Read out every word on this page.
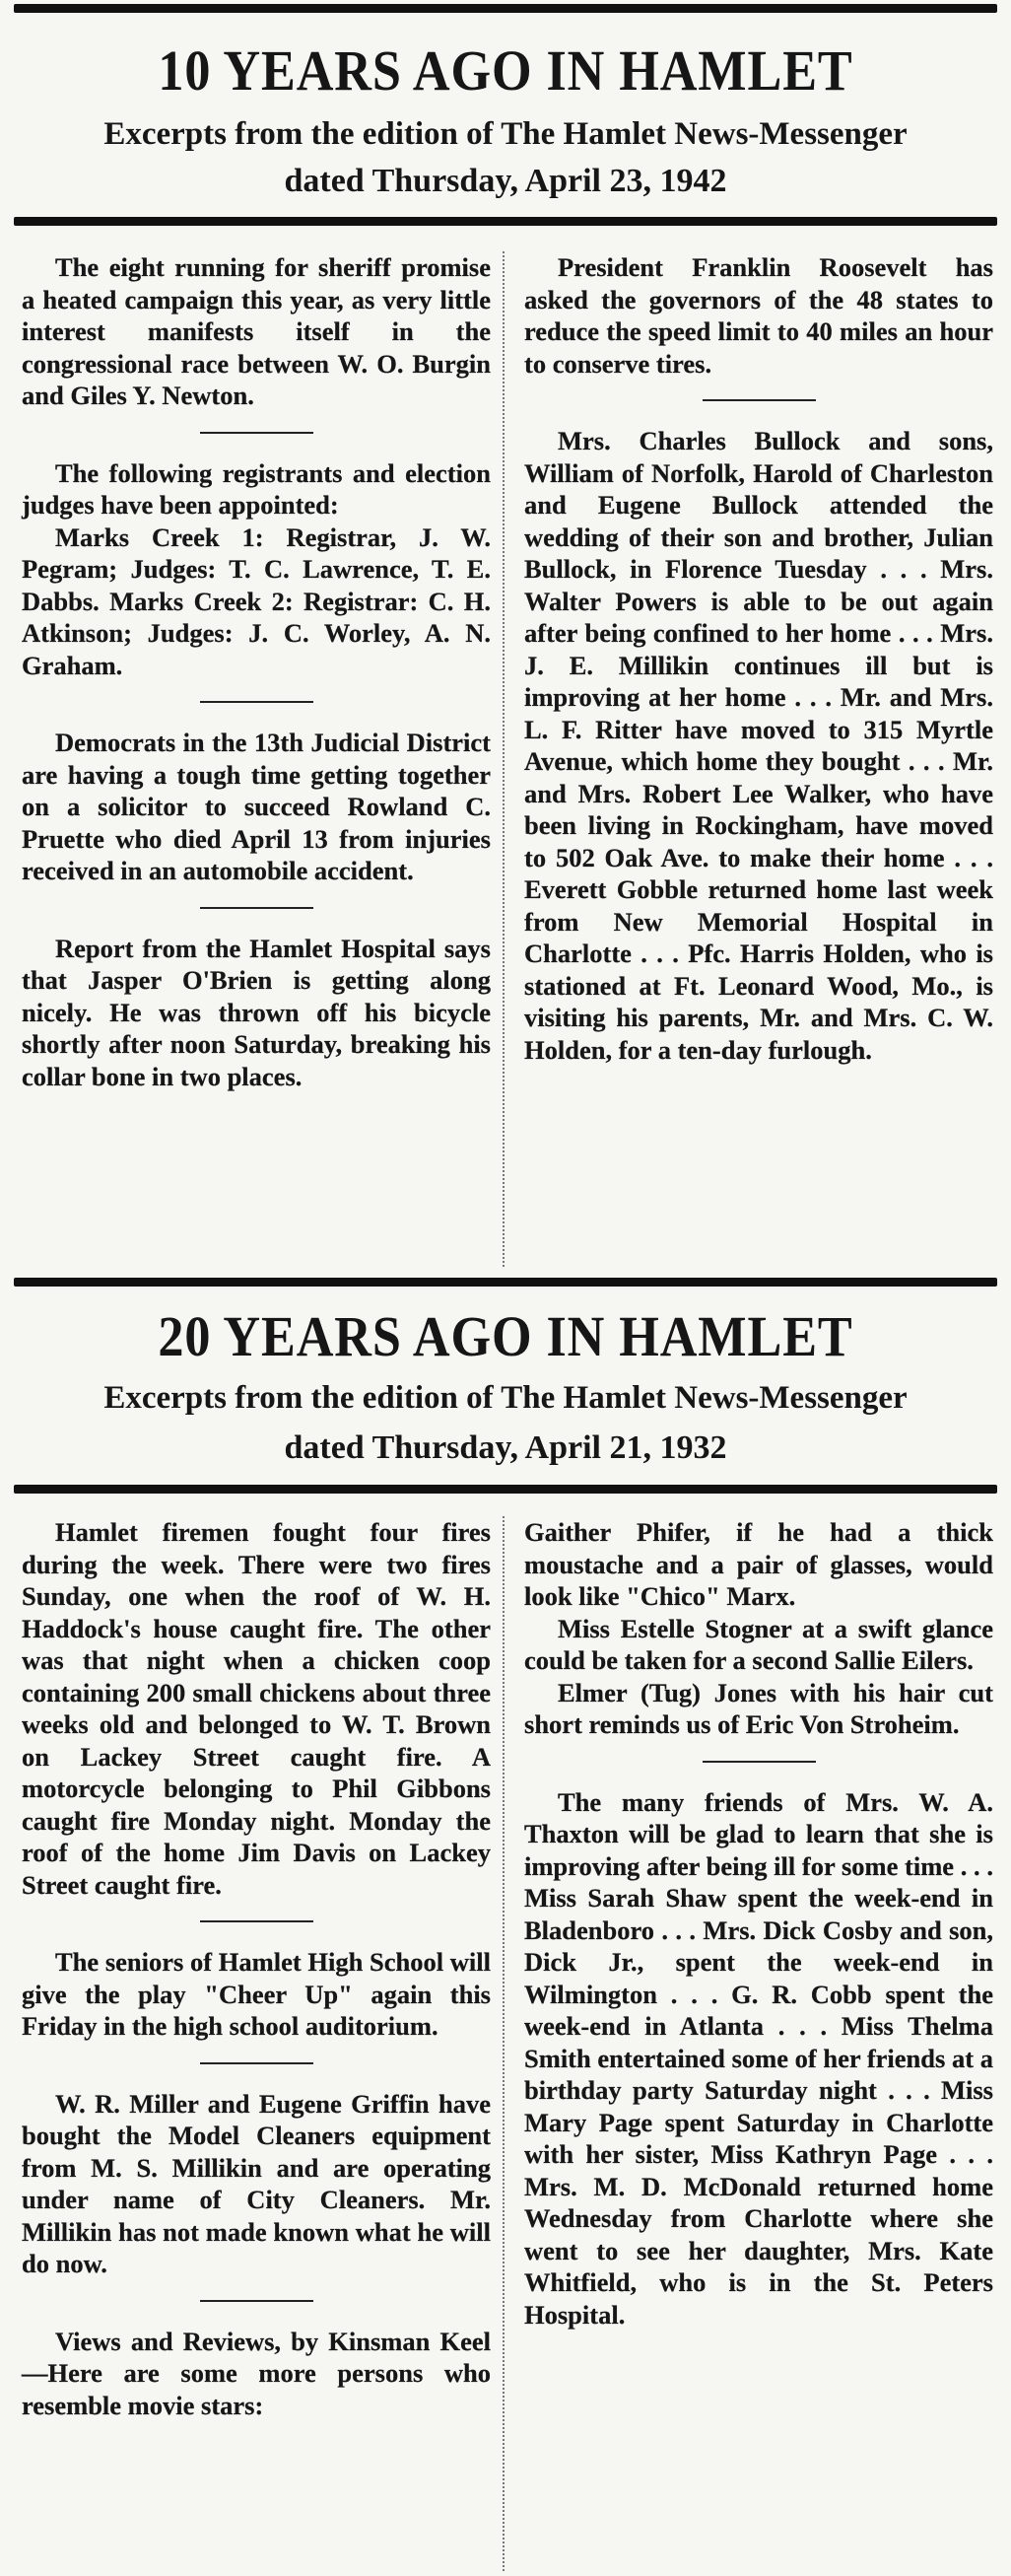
10 YEARS AGO IN HAMLET
Excerpts from the edition of The Hamlet News-Messenger
dated Thursday, April 23, 1942

The eight running for sheriff promise a heated campaign this year, as very little interest manifests itself in the congressional race between W. O. Burgin and Giles Y. Newton.

The following registrants and election judges have been appointed:

Marks Creek 1: Registrar, J. W. Pegram; Judges: T. C. Lawrence, T. E. Dabbs. Marks Creek 2: Registrar: C. H. Atkinson; Judges: J. C. Worley, A. N. Graham.

Democrats in the 13th Judicial District are having a tough time getting together on a solicitor to succeed Rowland C. Pruette who died April 13 from injuries received in an automobile accident.

Report from the Hamlet Hospital says that Jasper O'Brien is getting along nicely. He was thrown off his bicycle shortly after noon Saturday, breaking his collar bone in two places.

President Franklin Roosevelt has asked the governors of the 48 states to reduce the speed limit to 40 miles an hour to conserve tires.

Mrs. Charles Bullock and sons, William of Norfolk, Harold of Charleston and Eugene Bullock attended the wedding of their son and brother, Julian Bullock, in Florence Tuesday . . . Mrs. Walter Powers is able to be out again after being confined to her home . . . Mrs. J. E. Millikin continues ill but is improving at her home . . . Mr. and Mrs. L. F. Ritter have moved to 315 Myrtle Avenue, which home they bought . . . Mr. and Mrs. Robert Lee Walker, who have been living in Rockingham, have moved to 502 Oak Ave. to make their home . . . Everett Gobble returned home last week from New Memorial Hospital in Charlotte . . . Pfc. Harris Holden, who is stationed at Ft. Leonard Wood, Mo., is visiting his parents, Mr. and Mrs. C. W. Holden, for a ten-day furlough.

20 YEARS AGO IN HAMLET
Excerpts from the edition of The Hamlet News-Messenger
dated Thursday, April 21, 1932

Hamlet firemen fought four fires during the week. There were two fires Sunday, one when the roof of W. H. Haddock's house caught fire. The other was that night when a chicken coop containing 200 small chickens about three weeks old and belonged to W. T. Brown on Lackey Street caught fire. A motorcycle belonging to Phil Gibbons caught fire Monday night. Monday the roof of the home Jim Davis on Lackey Street caught fire.

The seniors of Hamlet High School will give the play "Cheer Up" again this Friday in the high school auditorium.

W. R. Miller and Eugene Griffin have bought the Model Cleaners equipment from M. S. Millikin and are operating under name of City Cleaners. Mr. Millikin has not made known what he will do now.

Views and Reviews, by Kinsman Keel—Here are some more persons who resemble movie stars:

Gaither Phifer, if he had a thick moustache and a pair of glasses, would look like "Chico" Marx.

Miss Estelle Stogner at a swift glance could be taken for a second Sallie Eilers.

Elmer (Tug) Jones with his hair cut short reminds us of Eric Von Stroheim.

The many friends of Mrs. W. A. Thaxton will be glad to learn that she is improving after being ill for some time . . . Miss Sarah Shaw spent the week-end in Bladenboro . . . Mrs. Dick Cosby and son, Dick Jr., spent the week-end in Wilmington . . . G. R. Cobb spent the week-end in Atlanta . . . Miss Thelma Smith entertained some of her friends at a birthday party Saturday night . . . Miss Mary Page spent Saturday in Charlotte with her sister, Miss Kathryn Page . . . Mrs. M. D. McDonald returned home Wednesday from Charlotte where she went to see her daughter, Mrs. Kate Whitfield, who is in the St. Peters Hospital.
